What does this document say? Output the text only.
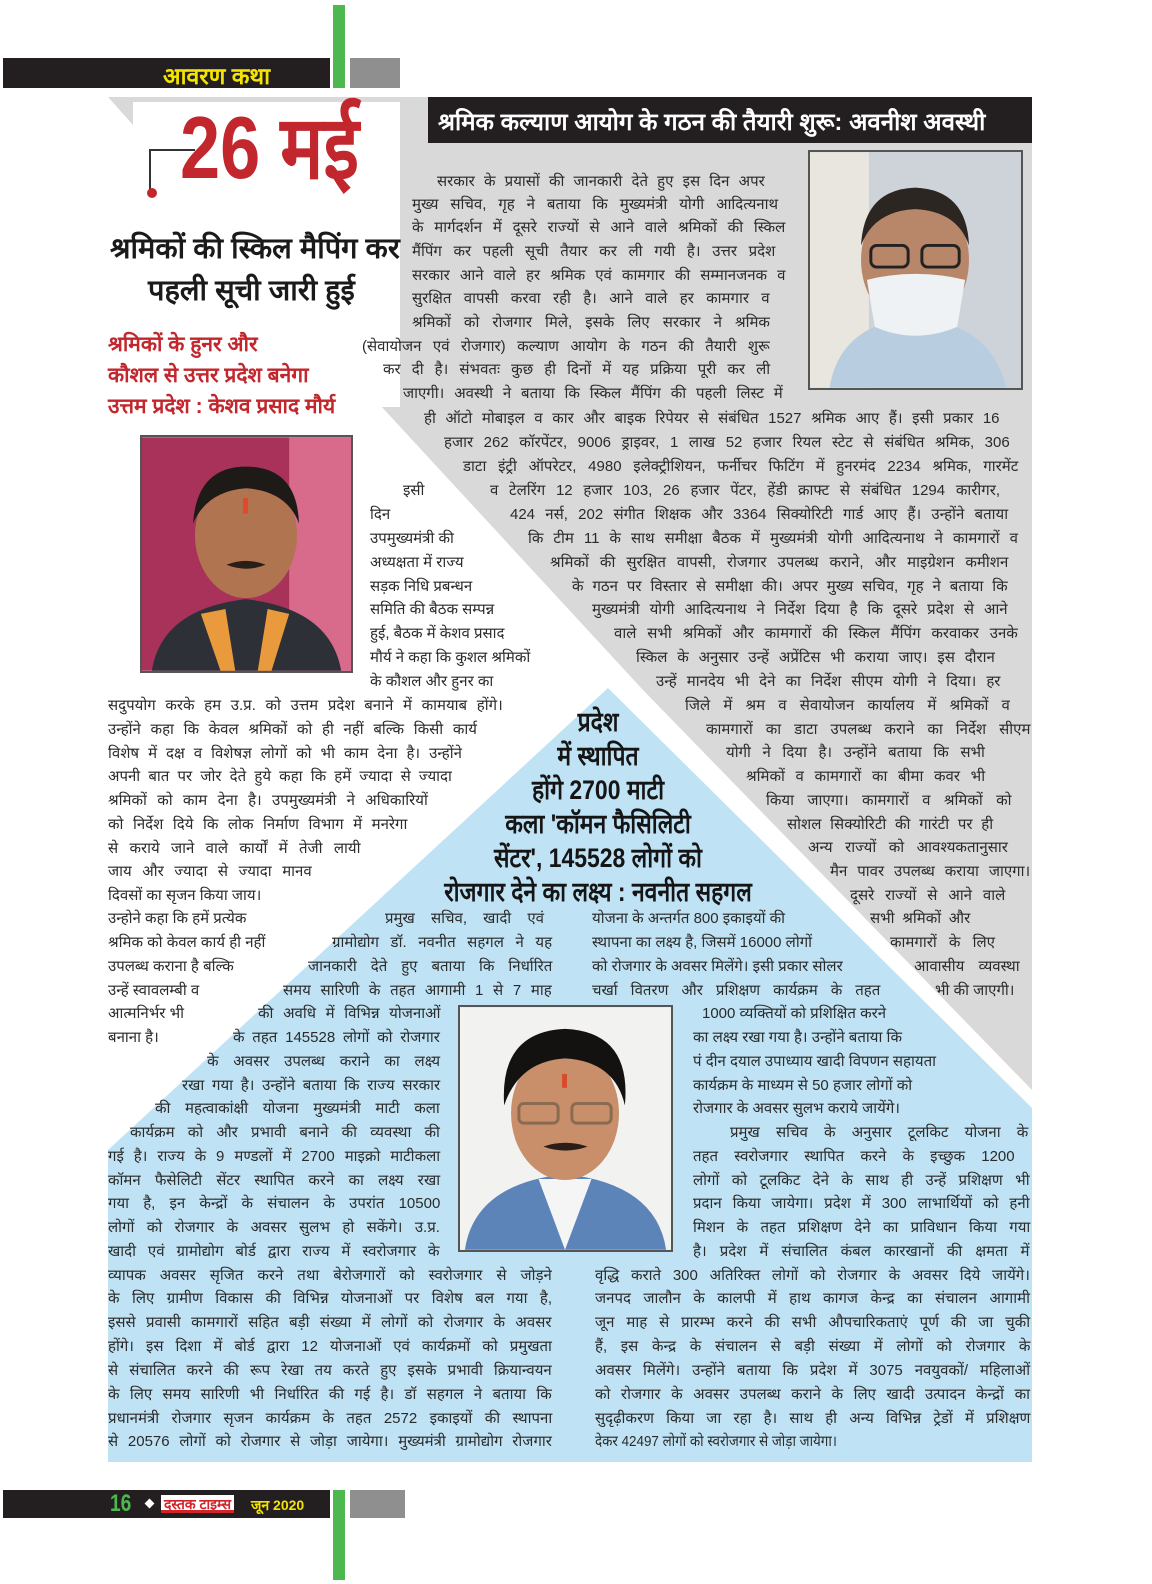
आवरण कथा
26 मई
श्रमिकों की स्किल मैपिंग कर
पहली सूची जारी हुई
श्रमिकों के हुनर और
कौशल से उत्तर प्रदेश बनेगा
उत्तम प्रदेश : केशव प्रसाद मौर्य
श्रमिक कल्याण आयोग के गठन की तैयारी शुरू: अवनीश अवस्थी
प्रदेश
में स्थापित
होंगे 2700 माटी
कला 'कॉमन फैसिलिटी
सेंटर', 145528 लोगों को
रोजगार देने का लक्ष्य : नवनीत सहगल
सरकार के प्रयासों की जानकारी देते हुए इस दिन अपर
मुख्य सचिव, गृह ने बताया कि मुख्यमंत्री योगी आदित्यनाथ
के मार्गदर्शन में दूसरे राज्यों से आने वाले श्रमिकों की स्किल
मैंपिंग कर पहली सूची तैयार कर ली गयी है। उत्तर प्रदेश
सरकार आने वाले हर श्रमिक एवं कामगार की सम्मानजनक व
सुरक्षित वापसी करवा रही है। आने वाले हर कामगार व
श्रमिकों को रोजगार मिले, इसके लिए सरकार ने श्रमिक
(सेवायोजन एवं रोजगार) कल्याण आयोग के गठन की तैयारी शुरू
कर दी है। संभवतः कुछ ही दिनों में यह प्रक्रिया पूरी कर ली
जाएगी। अवस्थी ने बताया कि स्किल मैंपिंग की पहली लिस्ट में
ही ऑटो मोबाइल व कार और बाइक रिपेयर से संबंधित 1527 श्रमिक आए हैं। इसी प्रकार 16
हजार 262 कॉरपेंटर, 9006 ड्राइवर, 1 लाख 52 हजार रियल स्टेट से संबंधित श्रमिक, 306
डाटा इंट्री ऑपरेटर, 4980 इलेक्ट्रीशियन, फर्नीचर फिटिंग में हुनरमंद 2234 श्रमिक, गारमेंट
व टेलरिंग 12 हजार 103, 26 हजार पेंटर, हेंडी क्राफ्ट से संबंधित 1294 कारीगर,
424 नर्स, 202 संगीत शिक्षक और 3364 सिक्योरिटी गार्ड आए हैं। उन्होंने बताया
कि टीम 11 के साथ समीक्षा बैठक में मुख्यमंत्री योगी आदित्यनाथ ने कामगारों व
श्रमिकों की सुरक्षित वापसी, रोजगार उपलब्ध कराने, और माइग्रेशन कमीशन
के गठन पर विस्तार से समीक्षा की। अपर मुख्य सचिव, गृह ने बताया कि
मुख्यमंत्री योगी आदित्यनाथ ने निर्देश दिया है कि दूसरे प्रदेश से आने
वाले सभी श्रमिकों और कामगारों की स्किल मैंपिंग करवाकर उनके
स्किल के अनुसार उन्हें अप्रेंटिस भी कराया जाए। इस दौरान
उन्हें मानदेय भी देने का निर्देश सीएम योगी ने दिया। हर
जिले में श्रम व सेवायोजन कार्यालय में श्रमिकों व
कामगारों का डाटा उपलब्ध कराने का निर्देश सीएम
योगी ने दिया है। उन्होंने बताया कि सभी
श्रमिकों व कामगारों का बीमा कवर भी
किया जाएगा। कामगारों व श्रमिकों को
सोशल सिक्योरिटी की गारंटी पर ही
अन्य राज्यों को आवश्यकतानुसार
मैन पावर उपलब्ध कराया जाएगा।
दूसरे राज्यों से आने वाले
सभी श्रमिकों और
कामगारों के लिए
आवासीय व्यवस्था
भी की जाएगी।
इसी
दिन
उपमुख्यमंत्री की
अध्यक्षता में राज्य
सड़क निधि प्रबन्धन
समिति की बैठक सम्पन्न
हुई, बैठक में केशव प्रसाद
मौर्य ने कहा कि कुशल श्रमिकों
के कौशल और हुनर का
सदुपयोग करके हम उ.प्र. को उत्तम प्रदेश बनाने में कामयाब होंगे।
उन्होंने कहा कि केवल श्रमिकों को ही नहीं बल्कि किसी कार्य
विशेष में दक्ष व विशेषज्ञ लोगों को भी काम देना है। उन्होंने
अपनी बात पर जोर देते हुये कहा कि हमें ज्यादा से ज्यादा
श्रमिकों को काम देना है। उपमुख्यमंत्री ने अधिकारियों
को निर्देश दिये कि लोक निर्माण विभाग में मनरेगा
से कराये जाने वाले कार्यों में तेजी लायी
जाय और ज्यादा से ज्यादा मानव
दिवसों का सृजन किया जाय।
उन्होने कहा कि हमें प्रत्येक
श्रमिक को केवल कार्य ही नहीं
उपलब्ध कराना है बल्कि
उन्हें स्वावलम्बी व
आत्मनिर्भर भी
बनाना है।
प्रमुख सचिव, खादी एवं
ग्रामोद्योग डॉ. नवनीत सहगल ने यह
जानकारी देते हुए बताया कि निर्धारित
समय सारिणी के तहत आगामी 1 से 7 माह
की अवधि में विभिन्न योजनाओं
के तहत 145528 लोगों को रोजगार
के अवसर उपलब्ध कराने का लक्ष्य
रखा गया है। उन्होंने बताया कि राज्य सरकार
की महत्वाकांक्षी योजना मुख्यमंत्री माटी कला
कार्यक्रम को और प्रभावी बनाने की व्यवस्था की
गई है। राज्य के 9 मण्डलों में 2700 माइक्रो माटीकला
कॉमन फैसेलिटी सेंटर स्थापित करने का लक्ष्य रखा
गया है, इन केन्द्रों के संचालन के उपरांत 10500
लोगों को रोजगार के अवसर सुलभ हो सकेंगे। उ.प्र.
खादी एवं ग्रामोद्योग बोर्ड द्वारा राज्य में स्वरोजगार के
व्यापक अवसर सृजित करने तथा बेरोजगारों को स्वरोजगार से जोड़ने
के लिए ग्रामीण विकास की विभिन्न योजनाओं पर विशेष बल गया है,
इससे प्रवासी कामगारों सहित बड़ी संख्या में लोगों को रोजगार के अवसर
होंगे। इस दिशा में बोर्ड द्वारा 12 योजनाओं एवं कार्यक्रमों को प्रमुखता
से संचालित करने की रूप रेखा तय करते हुए इसके प्रभावी क्रियान्वयन
के लिए समय सारिणी भी निर्धारित की गई है। डॉ सहगल ने बताया कि
प्रधानमंत्री रोजगार सृजन कार्यक्रम के तहत 2572 इकाइयों की स्थापना
से 20576 लोगों को रोजगार से जोड़ा जायेगा। मुख्यमंत्री ग्रामोद्योग रोजगार
योजना के अन्तर्गत 800 इकाइयों की
स्थापना का लक्ष्य है, जिसमें 16000 लोगों
को रोजगार के अवसर मिलेंगे। इसी प्रकार सोलर
चर्खा वितरण और प्रशिक्षण कार्यक्रम के तहत
1000 व्यक्तियों को प्रशिक्षित करने
का लक्ष्य रखा गया है। उन्होंने बताया कि
पं दीन दयाल उपाध्याय खादी विपणन सहायता
कार्यक्रम के माध्यम से 50 हजार लोगों को
रोजगार के अवसर सुलभ कराये जायेंगे।
प्रमुख सचिव के अनुसार टूलकिट योजना के
तहत स्वरोजगार स्थापित करने के इच्छुक 1200
लोगों को टूलकिट देने के साथ ही उन्हें प्रशिक्षण भी
प्रदान किया जायेगा। प्रदेश में 300 लाभार्थियों को हनी
मिशन के तहत प्रशिक्षण देने का प्राविधान किया गया
है। प्रदेश में संचालित कंबल कारखानों की क्षमता में
वृद्धि कराते 300 अतिरिक्त लोगों को रोजगार के अवसर दिये जायेंगे।
जनपद जालौन के कालपी में हाथ कागज केन्द्र का संचालन आगामी
जून माह से प्रारम्भ करने की सभी औपचारिकताएं पूर्ण की जा चुकी
हैं, इस केन्द्र के संचालन से बड़ी संख्या में लोगों को रोजगार के
अवसर मिलेंगे। उन्होंने बताया कि प्रदेश में 3075 नवयुवकों/ महिलाओं
को रोजगार के अवसर उपलब्ध कराने के लिए खादी उत्पादन केन्द्रों का
सुदृढ़ीकरण किया जा रहा है। साथ ही अन्य विभिन्न ट्रेडों में प्रशिक्षण
देकर 42497 लोगों को स्वरोजगार से जोड़ा जायेगा।
16 दस्तक टाइम्स जून 2020
